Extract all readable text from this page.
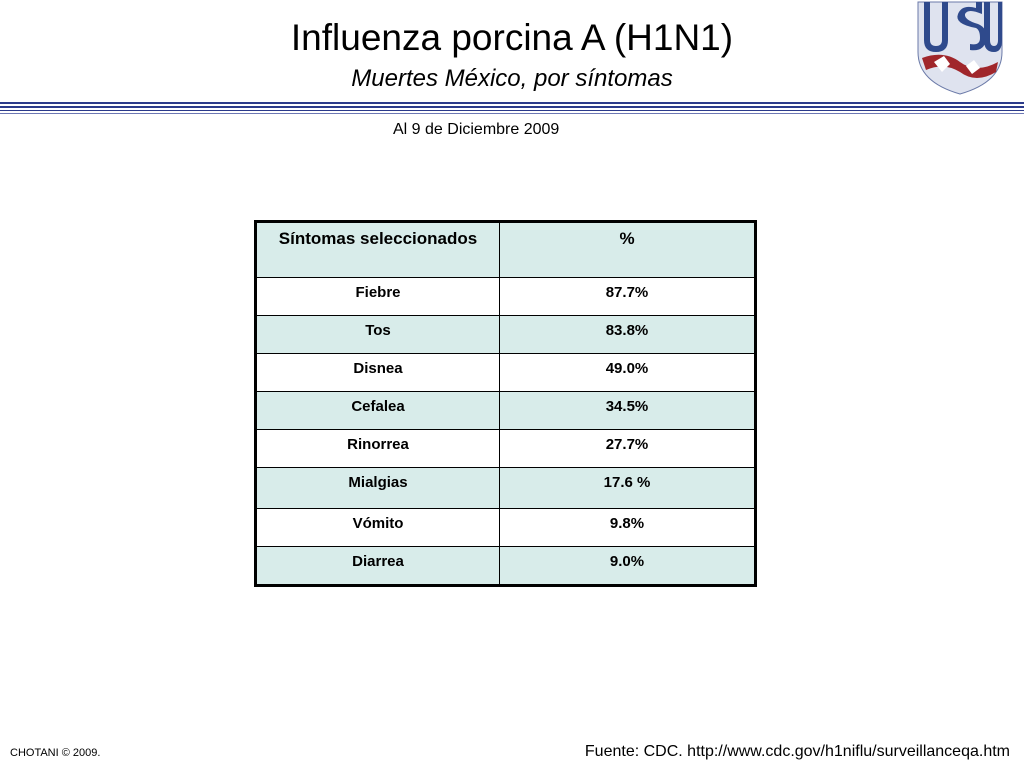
Influenza porcina A (H1N1)
Muertes México, por síntomas
Al 9 de Diciembre 2009
Síntomas seleccionados	%
Fiebre	87.7%
Tos	83.8%
Disnea	49.0%
Cefalea	34.5%
Rinorrea	27.7%
Mialgias	17.6 %
Vómito	9.8%
Diarrea	9.0%
CHOTANI © 2009.	Fuente: CDC. http://www.cdc.gov/h1niflu/surveillanceqa.htm
